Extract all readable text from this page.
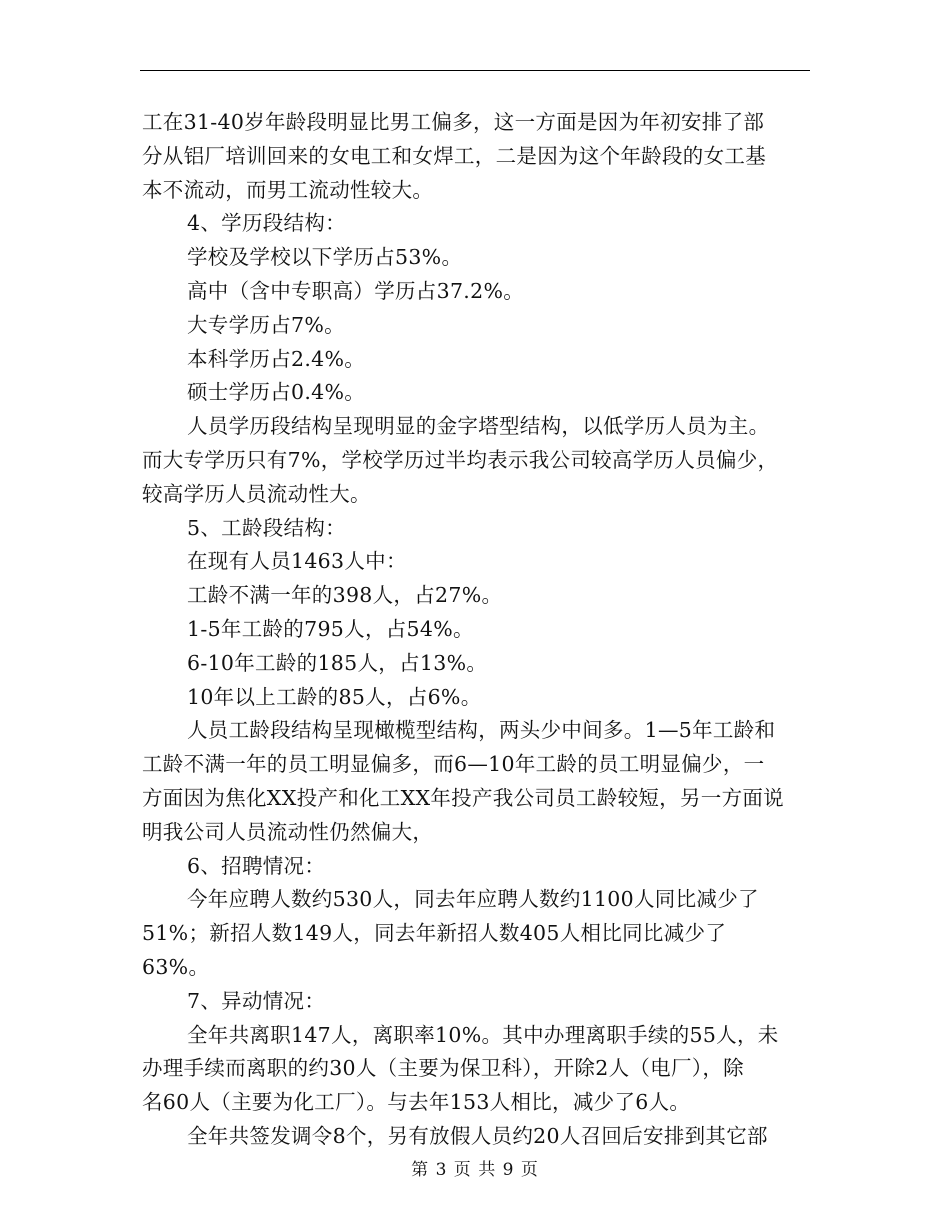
工在31-40岁年龄段明显比男工偏多，这一方面是因为年初安排了部
分从铝厂培训回来的女电工和女焊工，二是因为这个年龄段的女工基
本不流动，而男工流动性较大。
4、学历段结构：
学校及学校以下学历占53%。
高中（含中专职高）学历占37.2%。
大专学历占7%。
本科学历占2.4%。
硕士学历占0.4%。
人员学历段结构呈现明显的金字塔型结构，以低学历人员为主。
而大专学历只有7%，学校学历过半均表示我公司较高学历人员偏少，
较高学历人员流动性大。
5、工龄段结构：
在现有人员1463人中：
工龄不满一年的398人，占27%。
1-5年工龄的795人，占54%。
6-10年工龄的185人，占13%。
10年以上工龄的85人，占6%。
人员工龄段结构呈现橄榄型结构，两头少中间多。1—5年工龄和
工龄不满一年的员工明显偏多，而6—10年工龄的员工明显偏少，一
方面因为焦化XX投产和化工XX年投产我公司员工龄较短，另一方面说
明我公司人员流动性仍然偏大，
6、招聘情况：
今年应聘人数约530人，同去年应聘人数约1100人同比减少了
51%；新招人数149人，同去年新招人数405人相比同比减少了
63%。
7、异动情况：
全年共离职147人，离职率10%。其中办理离职手续的55人，未
办理手续而离职的约30人（主要为保卫科），开除2人（电厂），除
名60人（主要为化工厂）。与去年153人相比，减少了6人。
全年共签发调令8个，另有放假人员约20人召回后安排到其它部
第 3 页 共 9 页
